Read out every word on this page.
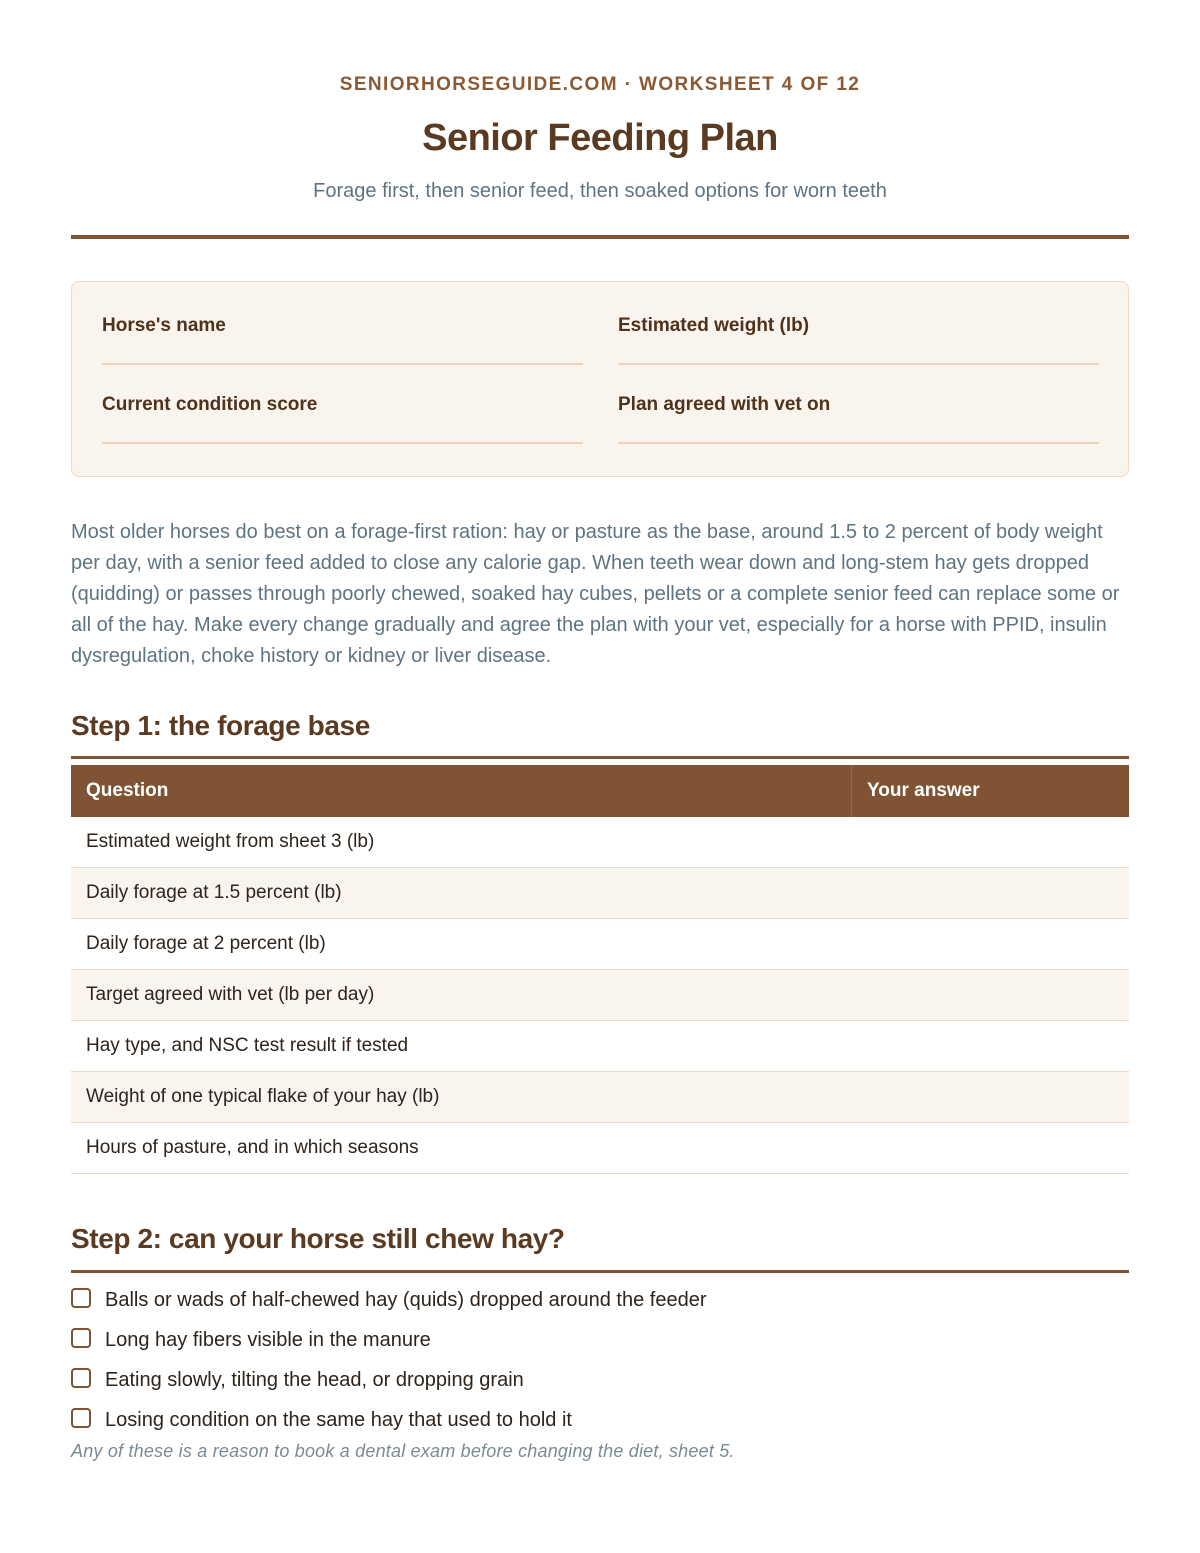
SENIORHORSEGUIDE.COM · WORKSHEET 4 OF 12
Senior Feeding Plan
Forage first, then senior feed, then soaked options for worn teeth
Horse's name	Estimated weight (lb)
Current condition score	Plan agreed with vet on

Most older horses do best on a forage-first ration: hay or pasture as the base, around 1.5 to 2 percent of body weight per day, with a senior feed added to close any calorie gap. When teeth wear down and long-stem hay gets dropped (quidding) or passes through poorly chewed, soaked hay cubes, pellets or a complete senior feed can replace some or all of the hay. Make every change gradually and agree the plan with your vet, especially for a horse with PPID, insulin dysregulation, choke history or kidney or liver disease.

Step 1: the forage base
Question	Your answer
Estimated weight from sheet 3 (lb)
Daily forage at 1.5 percent (lb)
Daily forage at 2 percent (lb)
Target agreed with vet (lb per day)
Hay type, and NSC test result if tested
Weight of one typical flake of your hay (lb)
Hours of pasture, and in which seasons
Step 2: can your horse still chew hay?
Balls or wads of half-chewed hay (quids) dropped around the feeder
Long hay fibers visible in the manure
Eating slowly, tilting the head, or dropping grain
Losing condition on the same hay that used to hold it

Any of these is a reason to book a dental exam before changing the diet, sheet 5.
